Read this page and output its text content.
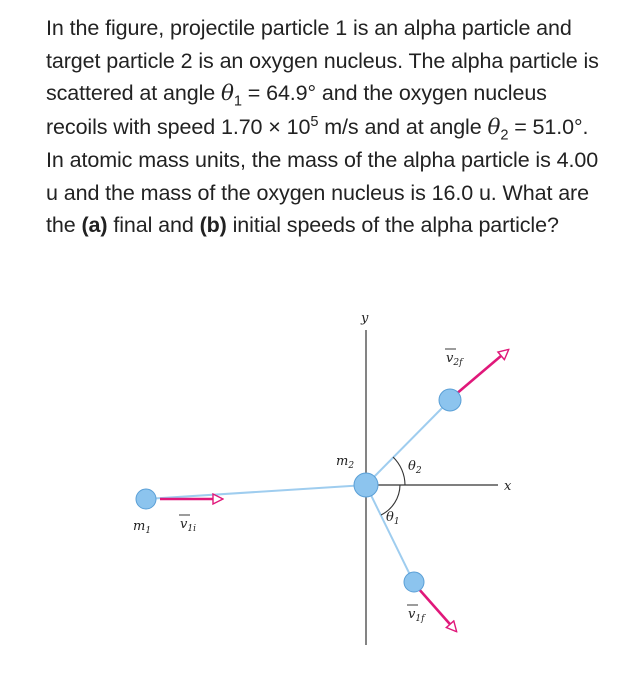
In the figure, projectile particle 1 is an alpha particle and target particle 2 is an oxygen nucleus. The alpha particle is scattered at angle $\theta_1 = 64.9^\circ$ and the oxygen nucleus recoils with speed $1.70 \times 10^5$ m/s and at angle $\theta_2 = 51.0^\circ$. In atomic mass units, the mass of the alpha particle is 4.00 u and the mass of the oxygen nucleus is 16.0 u. What are the (a) final and (b) initial speeds of the alpha particle?
y
x
$m_2$
$m_1$ $v_{1i}$
$v_{2f}$
$v_{1f}$
$\theta_2$
$\theta_1$
